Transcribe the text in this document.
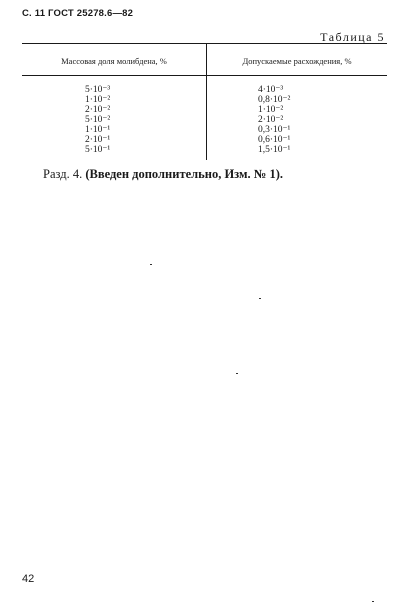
С. 11 ГОСТ 25278.6—82
Таблица 5
Массовая доля молибдена, %	Допускаемые расхождения, %
5·10⁻³	4·10⁻³
1·10⁻²	0,8·10⁻²
2·10⁻²	1·10⁻²
5·10⁻²	2·10⁻²
1·10⁻¹	0,3·10⁻¹
2·10⁻¹	0,6·10⁻¹
5·10⁻¹	1,5·10⁻¹
Разд. 4. (Введен дополнительно, Изм. № 1).
42
